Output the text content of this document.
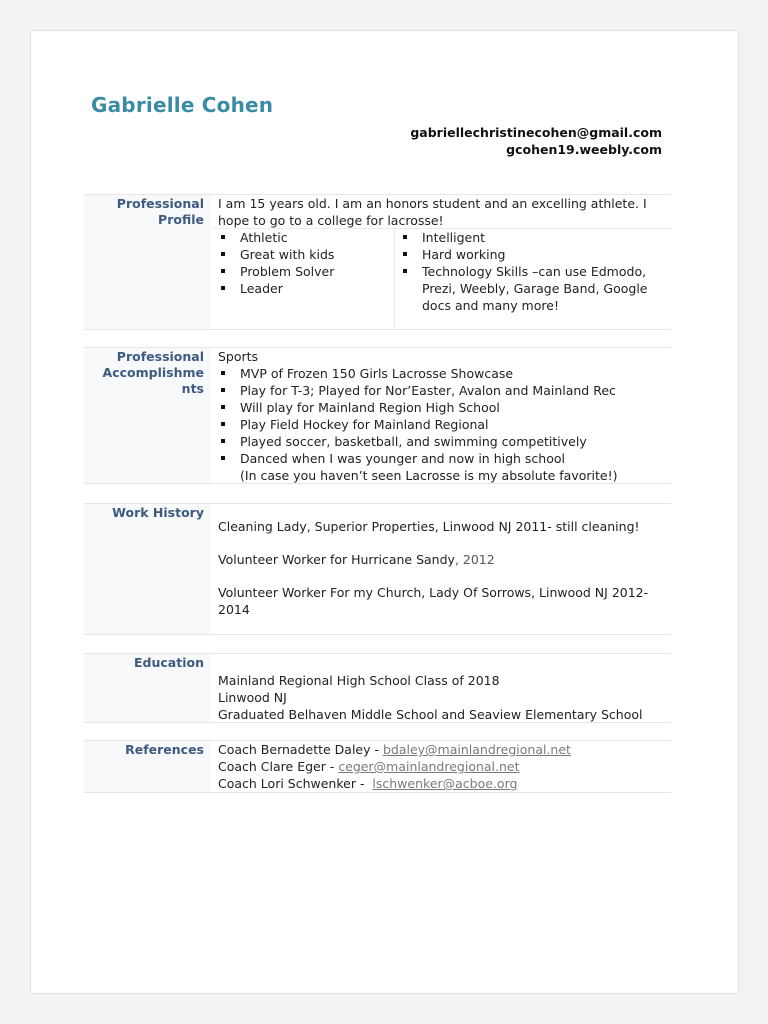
Gabrielle Cohen
gabriellechristinecohen@gmail.com
gcohen19.weebly.com
Professional
Profile
I am 15 years old. I am an honors student and an excelling athlete. I hope to go to a college for lacrosse!
Athletic
Great with kids
Problem Solver
Leader
Intelligent
Hard working
Technology Skills –can use Edmodo, Prezi, Weebly, Garage Band, Google docs and many more!
Professional
Accomplishme
nts
Sports
MVP of Frozen 150 Girls Lacrosse Showcase
Play for T-3; Played for Nor’Easter, Avalon and Mainland Rec
Will play for Mainland Region High School
Play Field Hockey for Mainland Regional
Played soccer, basketball, and swimming competitively
Danced when I was younger and now in high school
(In case you haven’t seen Lacrosse is my absolute favorite!)
Work History
Cleaning Lady, Superior Properties, Linwood NJ 2011- still cleaning!
Volunteer Worker for Hurricane Sandy, 2012
Volunteer Worker For my Church, Lady Of Sorrows, Linwood NJ 2012-2014
Education
Mainland Regional High School Class of 2018
Linwood NJ
Graduated Belhaven Middle School and Seaview Elementary School
References	Coach Bernadette Daley - bdaley@mainlandregional.net
Coach Clare Eger - ceger@mainlandregional.net
Coach Lori Schwenker -  lschwenker@acboe.org
